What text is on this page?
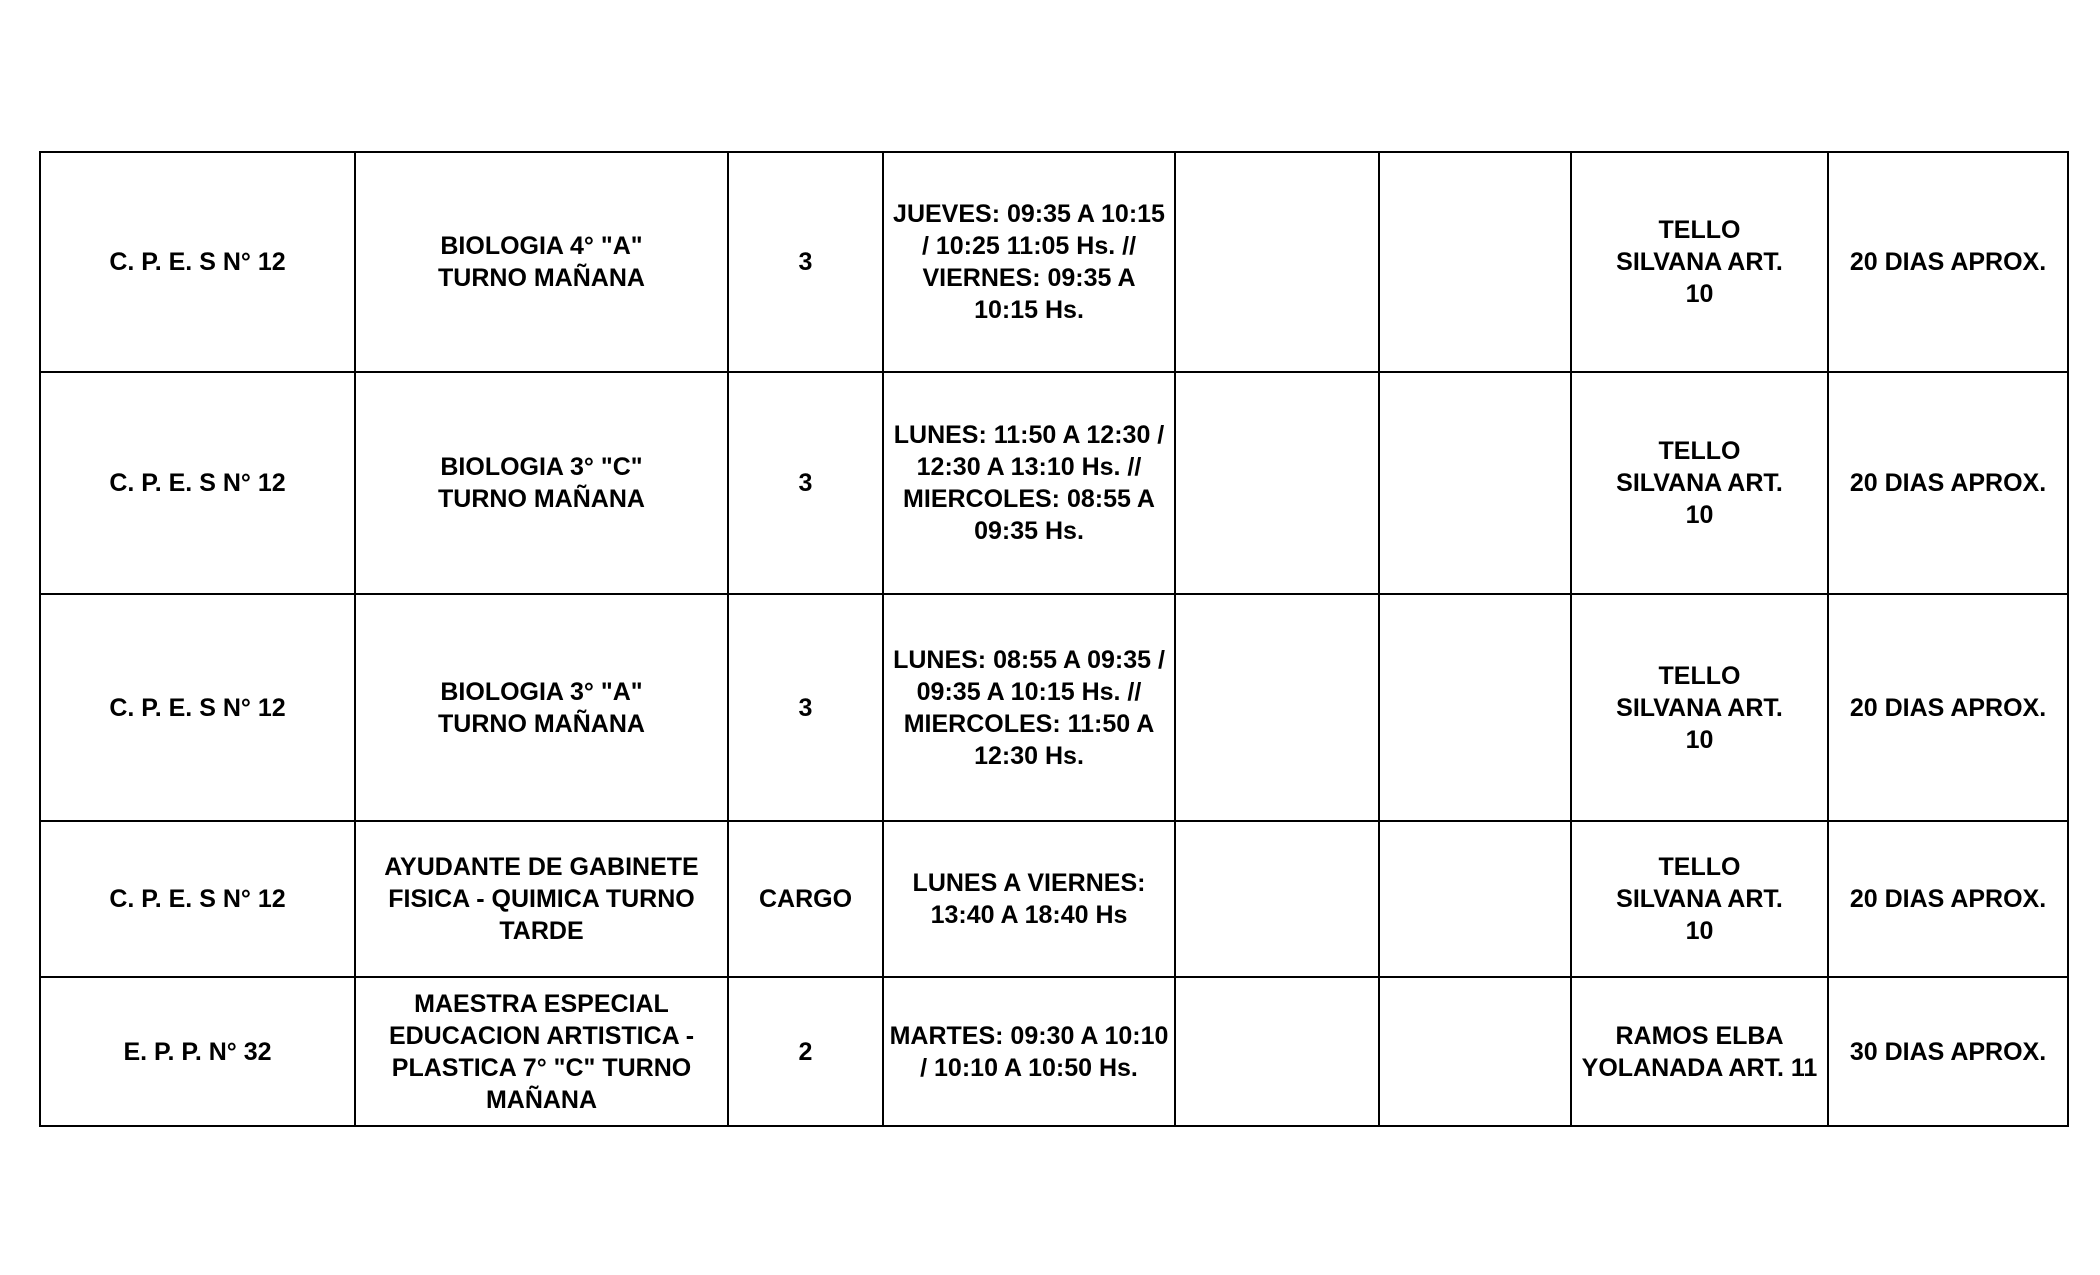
C. P. E. S N° 12	BIOLOGIA 4° "A" TURNO MAÑANA	3	JUEVES: 09:35 A 10:15 / 10:25 11:05 Hs. // VIERNES: 09:35 A 10:15 Hs.			TELLO SILVANA ART. 10	20 DIAS APROX.
C. P. E. S N° 12	BIOLOGIA 3° "C" TURNO MAÑANA	3	LUNES: 11:50 A 12:30 / 12:30 A 13:10 Hs. // MIERCOLES: 08:55 A 09:35 Hs.			TELLO SILVANA ART. 10	20 DIAS APROX.
C. P. E. S N° 12	BIOLOGIA 3° "A" TURNO MAÑANA	3	LUNES: 08:55 A 09:35 / 09:35 A 10:15 Hs. // MIERCOLES: 11:50 A 12:30 Hs.			TELLO SILVANA ART. 10	20 DIAS APROX.
C. P. E. S N° 12	AYUDANTE DE GABINETE FISICA - QUIMICA TURNO TARDE	CARGO	LUNES A VIERNES: 13:40 A 18:40 Hs			TELLO SILVANA ART. 10	20 DIAS APROX.
E. P. P. N° 32	MAESTRA ESPECIAL EDUCACION ARTISTICA - PLASTICA 7° "C" TURNO MAÑANA	2	MARTES: 09:30 A 10:10 / 10:10 A 10:50 Hs.			RAMOS ELBA YOLANADA ART. 11	30 DIAS APROX.
